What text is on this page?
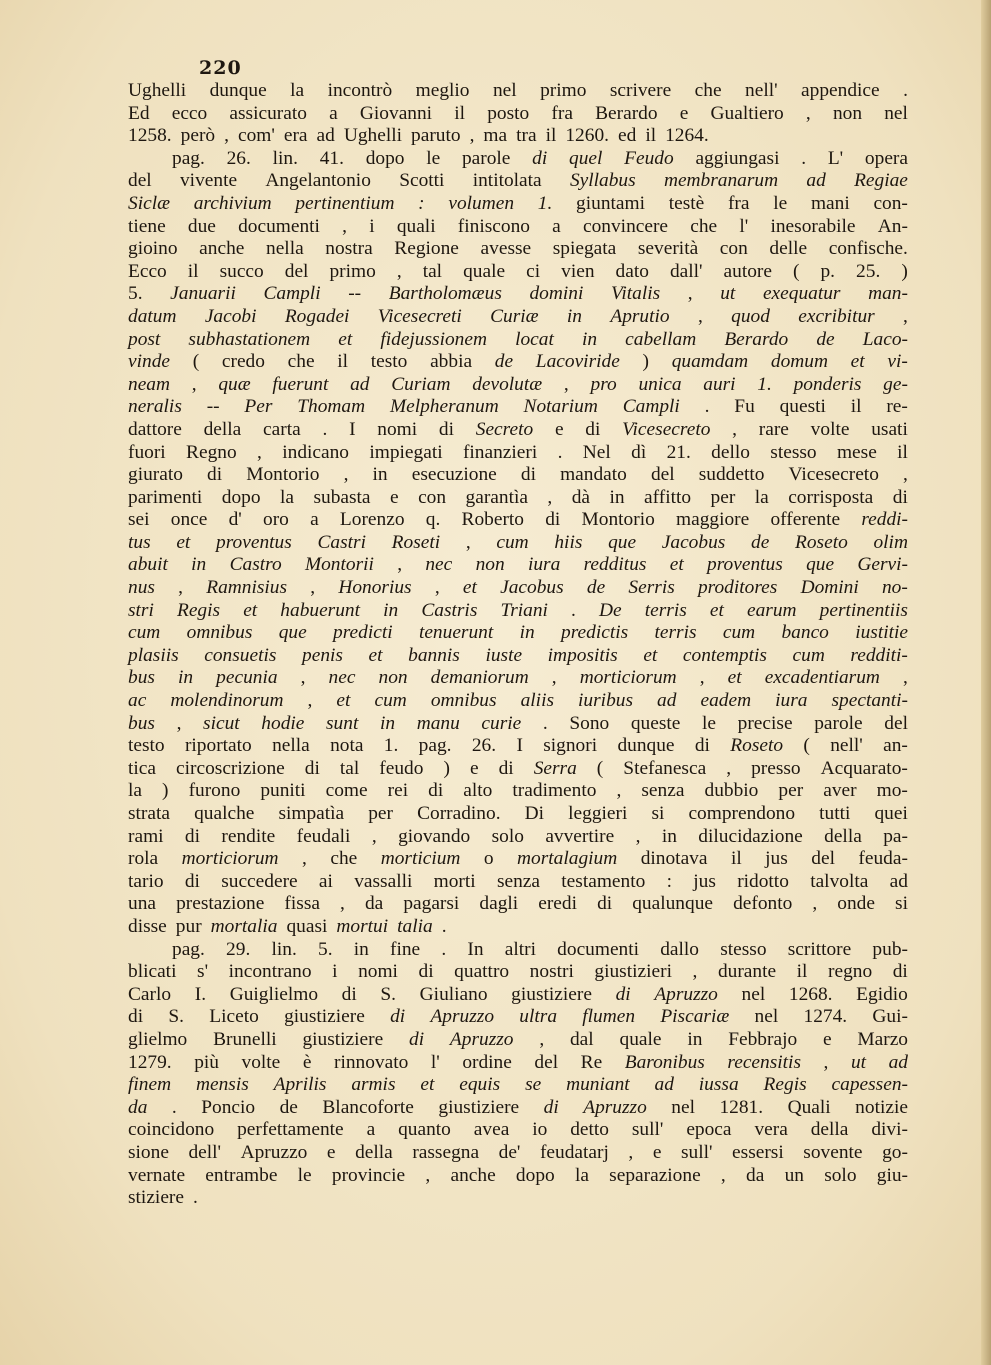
220
Ughelli dunque la incontrò meglio nel primo scrivere che nell' appendice .
Ed ecco assicurato a Giovanni il posto fra Berardo e Gualtiero , non nel
1258. però , com' era ad Ughelli paruto , ma tra il 1260. ed il 1264.
pag. 26. lin. 41. dopo le parole di quel Feudo aggiungasi . L' opera
del vivente Angelantonio Scotti intitolata Syllabus membranarum ad Regiae
Siclæ archivium pertinentium : volumen 1. giuntami testè fra le mani con-
tiene due documenti , i quali finiscono a convincere che l' inesorabile An-
gioino anche nella nostra Regione avesse spiegata severità con delle confische.
Ecco il succo del primo , tal quale ci vien dato dall' autore ( p. 25. )
5. Januarii Campli -- Bartholomæus domini Vitalis , ut exequatur man-
datum Jacobi Rogadei Vicesecreti Curiæ in Aprutio , quod excribitur ,
post subhastationem et fidejussionem locat in cabellam Berardo de Laco-
vinde ( credo che il testo abbia de Lacoviride ) quamdam domum et vi-
neam , quæ fuerunt ad Curiam devolutæ , pro unica auri 1. ponderis ge-
neralis -- Per Thomam Melpheranum Notarium Campli . Fu questi il re-
dattore della carta . I nomi di Secreto e di Vicesecreto , rare volte usati
fuori Regno , indicano impiegati finanzieri . Nel dì 21. dello stesso mese il
giurato di Montorio , in esecuzione di mandato del suddetto Vicesecreto ,
parimenti dopo la subasta e con garantìa , dà in affitto per la corrisposta di
sei once d' oro a Lorenzo q. Roberto di Montorio maggiore offerente reddi-
tus et proventus Castri Roseti , cum hiis que Jacobus de Roseto olim
abuit in Castro Montorii , nec non iura redditus et proventus que Gervi-
nus , Ramnisius , Honorius , et Jacobus de Serris proditores Domini no-
stri Regis et habuerunt in Castris Triani . De terris et earum pertinentiis
cum omnibus que predicti tenuerunt in predictis terris cum banco iustitie
plasiis consuetis penis et bannis iuste impositis et contemptis cum redditi-
bus in pecunia , nec non demaniorum , morticiorum , et excadentiarum ,
ac molendinorum , et cum omnibus aliis iuribus ad eadem iura spectanti-
bus , sicut hodie sunt in manu curie . Sono queste le precise parole del
testo riportato nella nota 1. pag. 26. I signori dunque di Roseto ( nell' an-
tica circoscrizione di tal feudo ) e di Serra ( Stefanesca , presso Acquarato-
la ) furono puniti come rei di alto tradimento , senza dubbio per aver mo-
strata qualche simpatìa per Corradino. Di leggieri si comprendono tutti quei
rami di rendite feudali , giovando solo avvertire , in dilucidazione della pa-
rola morticiorum , che morticium o mortalagium dinotava il jus del feuda-
tario di succedere ai vassalli morti senza testamento : jus ridotto talvolta ad
una prestazione fissa , da pagarsi dagli eredi di qualunque defonto , onde si
disse pur mortalia quasi mortui talia .
pag. 29. lin. 5. in fine . In altri documenti dallo stesso scrittore pub-
blicati s' incontrano i nomi di quattro nostri giustizieri , durante il regno di
Carlo I. Guiglielmo di S. Giuliano giustiziere di Apruzzo nel 1268. Egidio
di S. Liceto giustiziere di Apruzzo ultra flumen Piscariæ nel 1274. Gui-
glielmo Brunelli giustiziere di Apruzzo , dal quale in Febbrajo e Marzo
1279. più volte è rinnovato l' ordine del Re Baronibus recensitis , ut ad
finem mensis Aprilis armis et equis se muniant ad iussa Regis capessen-
da . Poncio de Blancoforte giustiziere di Apruzzo nel 1281. Quali notizie
coincidono perfettamente a quanto avea io detto sull' epoca vera della divi-
sione dell' Apruzzo e della rassegna de' feudatarj , e sull' essersi sovente go-
vernate entrambe le provincie , anche dopo la separazione , da un solo giu-
stiziere .
